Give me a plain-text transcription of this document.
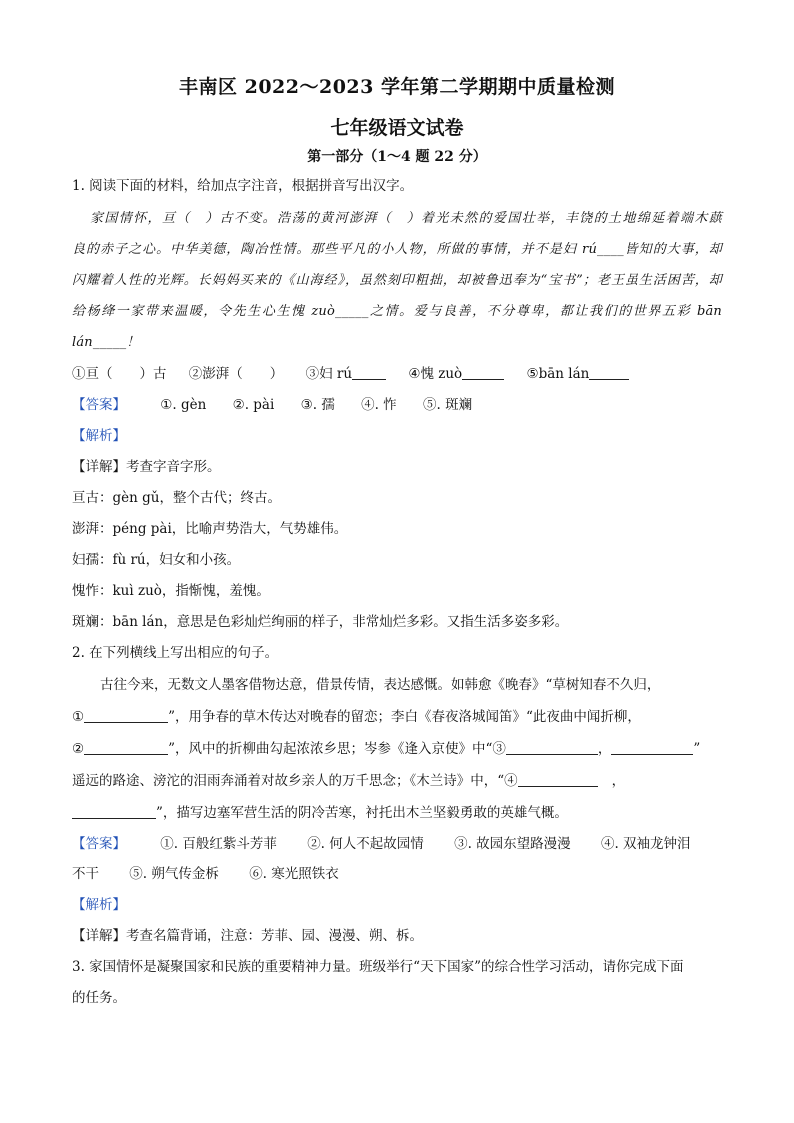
丰南区 2022～2023 学年第二学期期中质量检测
七年级语文试卷
第一部分（1～4 题 22 分）
1. 阅读下面的材料，给加点字注音，根据拼音写出汉字。
家国情怀，亘（　）古不变。浩荡的黄河澎湃（　）着光未然的爱国壮举，丰饶的土地绵延着端木蕻
良的赤子之心。中华美德，陶冶性情。那些平凡的小人物，所做的事情，并不是妇 rú____皆知的大事，却
闪耀着人性的光辉。长妈妈买来的《山海经》，虽然刻印粗拙，却被鲁迅奉为“宝书”；老王虽生活困苦，却
给杨绛一家带来温暖，令先生心生愧 zuò_____之情。爱与良善，不分尊卑，都让我们的世界五彩 bān
lán_____！
①亘（　　）古 ②澎湃（　　） ③妇 rú	④愧 zuò	⑤bān lán
【答案】	①. gèn ②. pài ③. 孺 ④. 怍 ⑤. 斑斓
【解析】
【详解】考查字音字形。
亘古：gèn gǔ，整个古代；终古。
澎湃：péng pài，比喻声势浩大，气势雄伟。
妇孺：fù rú，妇女和小孩。
愧怍：kuì zuò，指惭愧，羞愧。
斑斓：bān lán，意思是色彩灿烂绚丽的样子，非常灿烂多彩。又指生活多姿多彩。
2. 在下列横线上写出相应的句子。
古往今来，无数文人墨客借物达意，借景传情，表达感慨。如韩愈《晚春》“草树知春不久归，
①	”，用争春的草木传达对晚春的留恋；李白《春夜洛城闻笛》“此夜曲中闻折柳，
②	”，风中的折柳曲勾起浓浓乡思；岑参《逢入京使》中“③	，	”
遥远的路途、滂沱的泪雨奔涌着对故乡亲人的万千思念；《木兰诗》中，“④	，
”，描写边塞军营生活的阴冷苦寒，衬托出木兰坚毅勇敢的英雄气概。
【答案】	①. 百般红紫斗芳菲 ②. 何人不起故园情 ③. 故园东望路漫漫 ④. 双袖龙钟泪
不干 ⑤. 朔气传金柝 ⑥. 寒光照铁衣
【解析】
【详解】考查名篇背诵，注意：芳菲、园、漫漫、朔、柝。
3. 家国情怀是凝聚国家和民族的重要精神力量。班级举行“天下国家”的综合性学习活动，请你完成下面
的任务。
